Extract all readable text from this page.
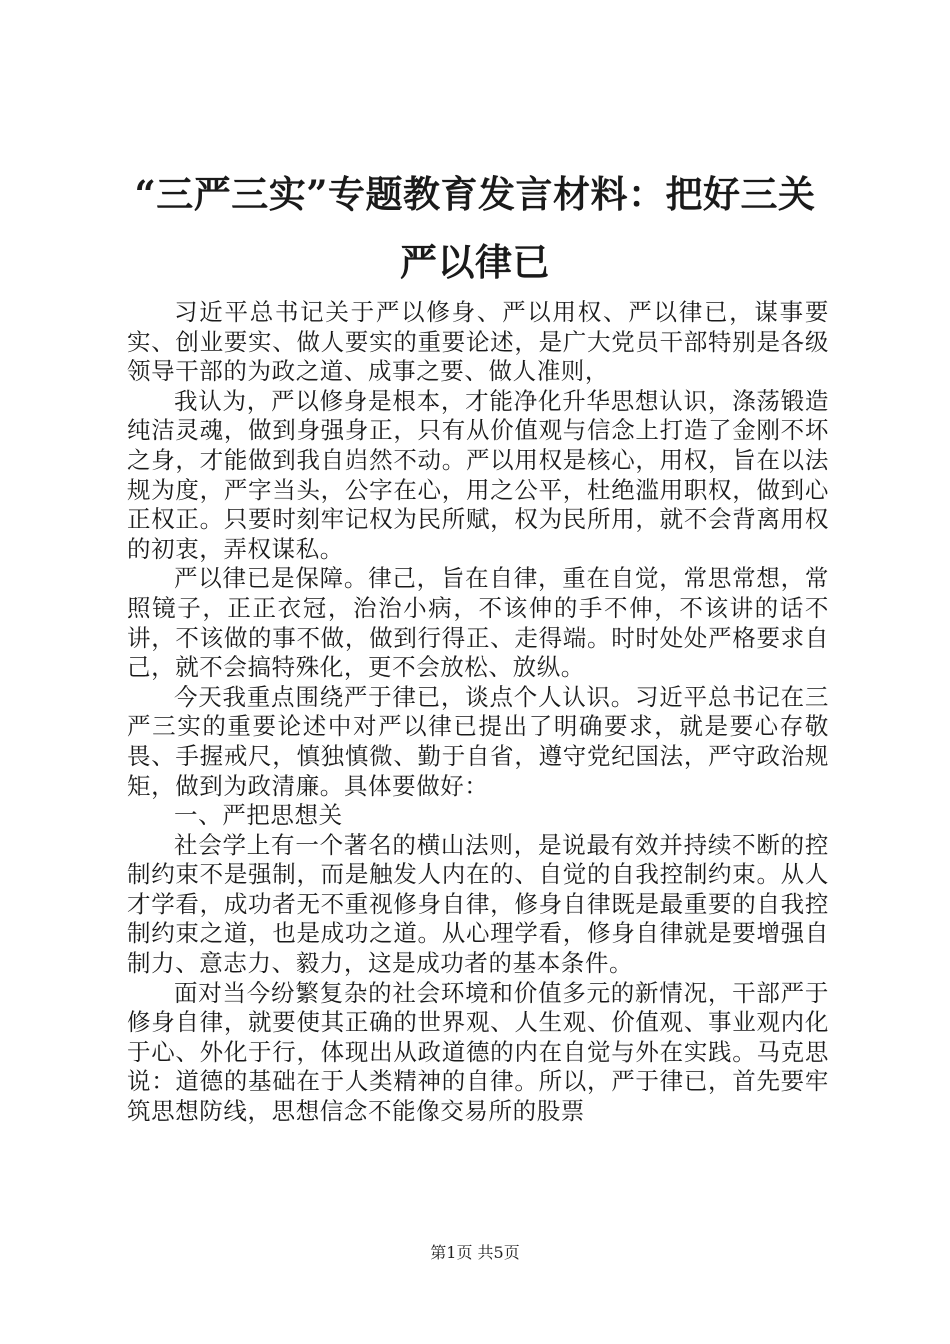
“三严三实”专题教育发言材料：把好三关严以律已

习近平总书记关于严以修身、严以用权、严以律已，谋事要实、创业要实、做人要实的重要论述，是广大党员干部特别是各级领导干部的为政之道、成事之要、做人准则，

我认为，严以修身是根本，才能净化升华思想认识，涤荡锻造纯洁灵魂，做到身强身正，只有从价值观与信念上打造了金刚不坏之身，才能做到我自岿然不动。严以用权是核心，用权，旨在以法规为度，严字当头，公字在心，用之公平，杜绝滥用职权，做到心正权正。只要时刻牢记权为民所赋，权为民所用，就不会背离用权的初衷，弄权谋私。

严以律已是保障。律己，旨在自律，重在自觉，常思常想，常照镜子，正正衣冠，治治小病，不该伸的手不伸，不该讲的话不讲，不该做的事不做，做到行得正、走得端。时时处处严格要求自己，就不会搞特殊化，更不会放松、放纵。

今天我重点围绕严于律已，谈点个人认识。习近平总书记在三严三实的重要论述中对严以律已提出了明确要求，就是要心存敬畏、手握戒尺，慎独慎微、勤于自省，遵守党纪国法，严守政治规矩，做到为政清廉。具体要做好：

一、严把思想关

社会学上有一个著名的横山法则，是说最有效并持续不断的控制约束不是强制，而是触发人内在的、自觉的自我控制约束。从人才学看，成功者无不重视修身自律，修身自律既是最重要的自我控制约束之道，也是成功之道。从心理学看，修身自律就是要增强自制力、意志力、毅力，这是成功者的基本条件。

面对当今纷繁复杂的社会环境和价值多元的新情况，干部严于修身自律，就要使其正确的世界观、人生观、价值观、事业观内化于心、外化于行，体现出从政道德的内在自觉与外在实践。马克思说：道德的基础在于人类精神的自律。所以，严于律已，首先要牢筑思想防线，思想信念不能像交易所的股票

第1页 共5页
